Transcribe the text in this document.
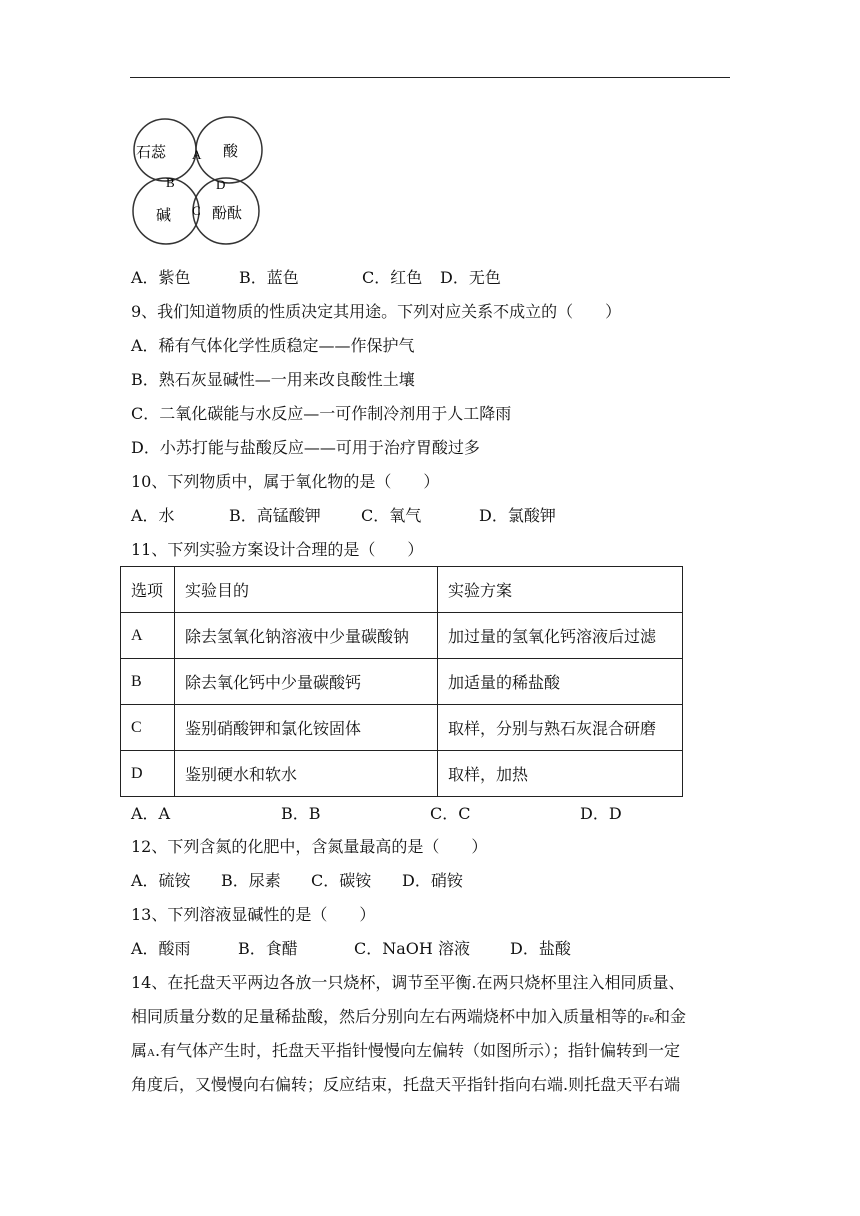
石蕊	酸
碱	酚酞
A
B
C
D
A．紫色	B．蓝色	C．红色 D．无色
9、我们知道物质的性质决定其用途。下列对应关系不成立的（　　）
A．稀有气体化学性质稳定——作保护气
B．熟石灰显碱性—一用来改良酸性土壤
C．二氧化碳能与水反应—一可作制冷剂用于人工降雨
D．小苏打能与盐酸反应——可用于治疗胃酸过多
10、下列物质中，属于氧化物的是（　　）
A．水	B．高锰酸钾	C．氧气	D．氯酸钾
11、下列实验方案设计合理的是（　　）
选项	实验目的	实验方案
A	除去氢氧化钠溶液中少量碳酸钠	加过量的氢氧化钙溶液后过滤
B	除去氧化钙中少量碳酸钙	加适量的稀盐酸
C	鉴别硝酸钾和氯化铵固体	取样，分别与熟石灰混合研磨
D	鉴别硬水和软水	取样，加热
A．A	B．B	C．C	D．D
12、下列含氮的化肥中，含氮量最高的是（　　）
A．硫铵 B．尿素 C．碳铵 D．硝铵
13、下列溶液显碱性的是（　　）
A．酸雨	B．食醋	C．NaOH 溶液	D．盐酸
14、在托盘天平两边各放一只烧杯，调节至平衡.在两只烧杯里注入相同质量、
相同质量分数的足量稀盐酸，然后分别向左右两端烧杯中加入质量相等的Fe和金
属A.有气体产生时，托盘天平指针慢慢向左偏转（如图所示）；指针偏转到一定
角度后，又慢慢向右偏转；反应结束，托盘天平指针指向右端.则托盘天平右端
